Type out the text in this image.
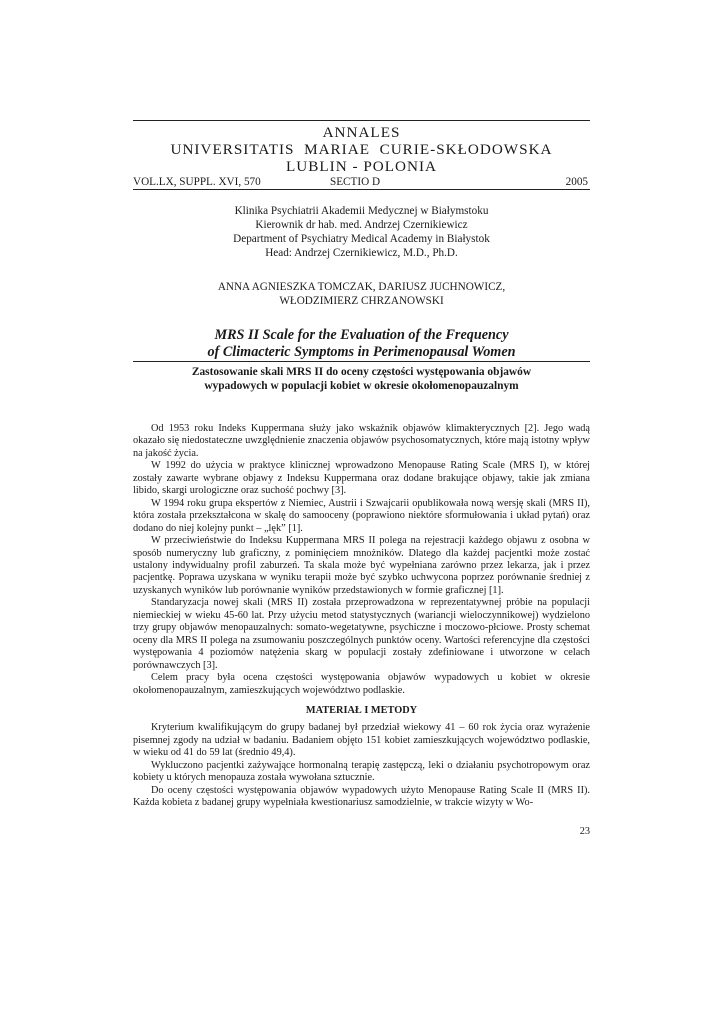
ANNALES
UNIVERSITATIS  MARIAE  CURIE-SKŁODOWSKA
LUBLIN - POLONIA
VOL.LX, SUPPL. XVI, 570	SECTIO D	2005
Klinika Psychiatrii Akademii Medycznej w Białymstoku
Kierownik dr hab. med. Andrzej Czernikiewicz
Department of Psychiatry Medical Academy in Białystok
Head: Andrzej Czernikiewicz, M.D., Ph.D.
ANNA AGNIESZKA TOMCZAK, DARIUSZ JUCHNOWICZ,
WŁODZIMIERZ CHRZANOWSKI
MRS II Scale for the Evaluation of the Frequency
of Climacteric Symptoms in Perimenopausal Women
Zastosowanie skali MRS II do oceny częstości występowania objawów
wypadowych w populacji kobiet w okresie okołomenopauzalnym

Od 1953 roku Indeks Kuppermana służy jako wskaźnik objawów klimakterycznych [2]. Jego wadą okazało się niedostateczne uwzględnienie znaczenia objawów psychosomatycznych, które mają istotny wpływ na jakość życia.

W 1992 do użycia w praktyce klinicznej wprowadzono Menopause Rating Scale (MRS I), w której zostały zawarte wybrane objawy z Indeksu Kuppermana oraz dodane brakujące objawy, takie jak zmiana libido, skargi urologiczne oraz suchość pochwy [3].

W 1994 roku grupa ekspertów z Niemiec, Austrii i Szwajcarii opublikowała nową wersję skali (MRS II), która została przekształcona w skalę do samooceny (poprawiono niektóre sformułowania i układ pytań) oraz dodano do niej kolejny punkt – „lęk” [1].

W przeciwieństwie do Indeksu Kuppermana MRS II polega na rejestracji każdego objawu z osobna w sposób numeryczny lub graficzny, z pominięciem mnożników. Dlatego dla każdej pacjentki może zostać ustalony indywidualny profil zaburzeń. Ta skala może być wypełniana zarówno przez lekarza, jak i przez pacjentkę. Poprawa uzyskana w wyniku terapii może być szybko uchwycona poprzez porównanie średniej z uzyskanych wyników lub porównanie wyników przedstawionych w formie graficznej [1].

Standaryzacja nowej skali (MRS II) została przeprowadzona w reprezentatywnej próbie na populacji niemieckiej w wieku 45-60 lat. Przy użyciu metod statystycznych (wariancji wieloczynnikowej) wydzielono trzy grupy objawów menopauzalnych: somato-wegetatywne, psychiczne i moczowo-płciowe. Prosty schemat oceny dla MRS II polega na zsumowaniu poszczególnych punktów oceny. Wartości referencyjne dla częstości występowania 4 poziomów natężenia skarg w populacji zostały zdefiniowane i utworzone w celach porównawczych [3].

Celem pracy była ocena częstości występowania objawów wypadowych u kobiet w okresie okołomenopauzalnym, zamieszkujących województwo podlaskie.

MATERIAŁ I METODY

Kryterium kwalifikującym do grupy badanej był przedział wiekowy 41 – 60 rok życia oraz wyrażenie pisemnej zgody na udział w badaniu. Badaniem objęto 151 kobiet zamieszkujących województwo podlaskie, w wieku od 41 do 59 lat (średnio 49,4).

Wykluczono pacjentki zażywające hormonalną terapię zastępczą, leki o działaniu psychotropowym oraz kobiety u których menopauza została wywołana sztucznie.

Do oceny częstości występowania objawów wypadowych użyto Menopause Rating Scale II (MRS II). Każda kobieta z badanej grupy wypełniała kwestionariusz samodzielnie, w trakcie wizyty w Wo-

23
